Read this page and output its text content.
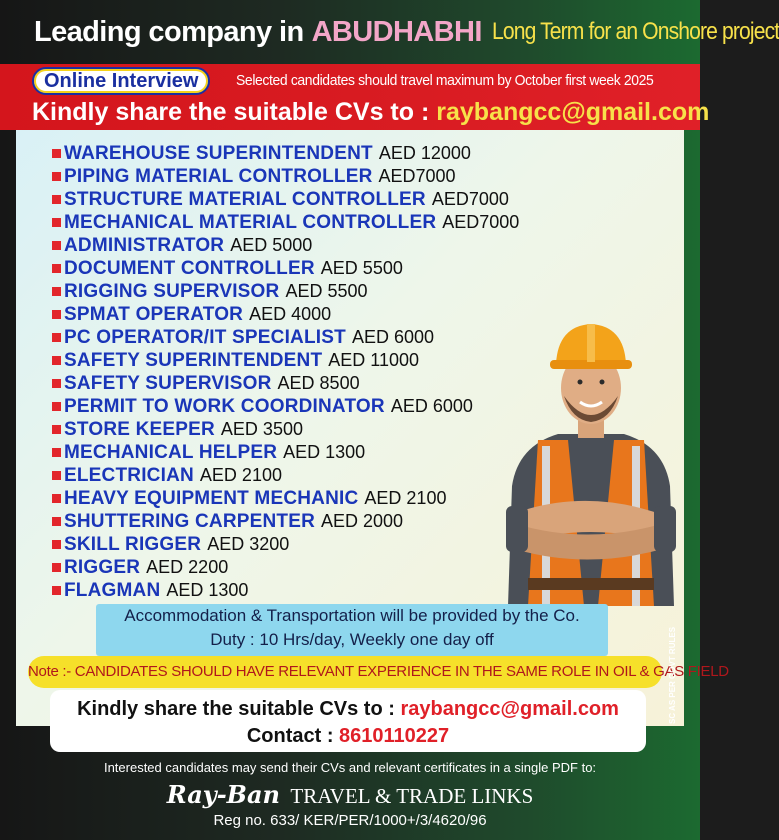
Leading company in ABUDHABHI Long Term for an Onshore project
Online Interview	Selected candidates should travel maximum by October first week 2025
Kindly share the suitable CVs to : raybangcc@gmail.com
WAREHOUSE SUPERINTENDENT AED 12000
PIPING MATERIAL CONTROLLER AED7000
STRUCTURE MATERIAL CONTROLLER AED7000
MECHANICAL MATERIAL CONTROLLER AED7000
ADMINISTRATOR AED 5000
DOCUMENT CONTROLLER AED 5500
RIGGING SUPERVISOR AED 5500
SPMAT OPERATOR AED 4000
PC OPERATOR/IT SPECIALIST AED 6000
SAFETY SUPERINTENDENT AED 11000
SAFETY SUPERVISOR AED 8500
PERMIT TO WORK COORDINATOR AED 6000
STORE KEEPER AED 3500
MECHANICAL HELPER AED 1300
ELECTRICIAN AED 2100
HEAVY EQUIPMENT MECHANIC AED 2100
SHUTTERING CARPENTER AED 2000
SKILL RIGGER AED 3200
RIGGER AED 2200
FLAGMAN AED 1300
Accommodation & Transportation will be provided by the Co.
Duty : 10 Hrs/day, Weekly one day off
Note :- CANDIDATES SHOULD HAVE RELEVANT EXPERIENCE IN THE SAME ROLE IN OIL & GAS FIELD
Kindly share the suitable CVs to : raybangcc@gmail.com
Contact : 8610110227
SC AS PER GOVT RULES
Interested candidates may send their CVs and relevant certificates in a single PDF to:
Ray-Ban TRAVEL & TRADE LINKS
Reg no. 633/ KER/PER/1000+/3/4620/96
